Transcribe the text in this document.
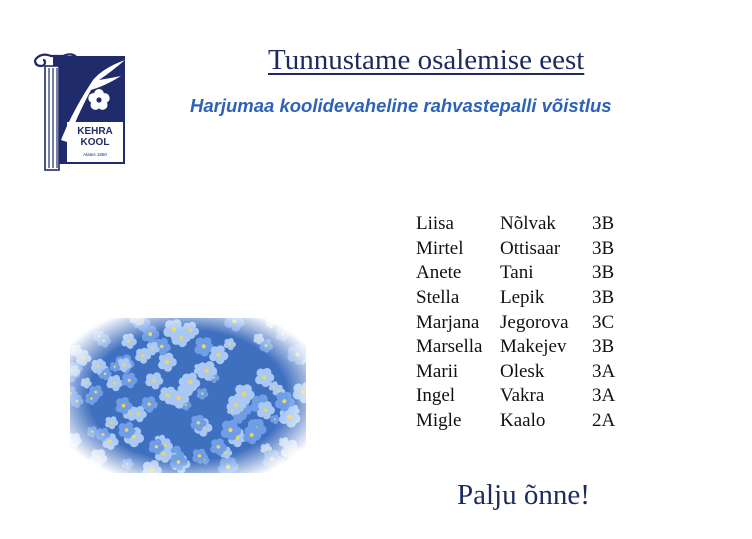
KEHRA
KOOL
Alates 1850
Tunnustame osalemise eest
Harjumaa koolidevaheline rahvastepalli võistlus
Liisa	Nõlvak	3B
Mirtel	Ottisaar	3B
Anete	Tani	3B
Stella	Lepik	3B
Marjana	Jegorova	3C
Marsella	Makejev	3B
Marii	Olesk	3A
Ingel	Vakra	3A
Migle	Kaalo	2A
Palju õnne!
